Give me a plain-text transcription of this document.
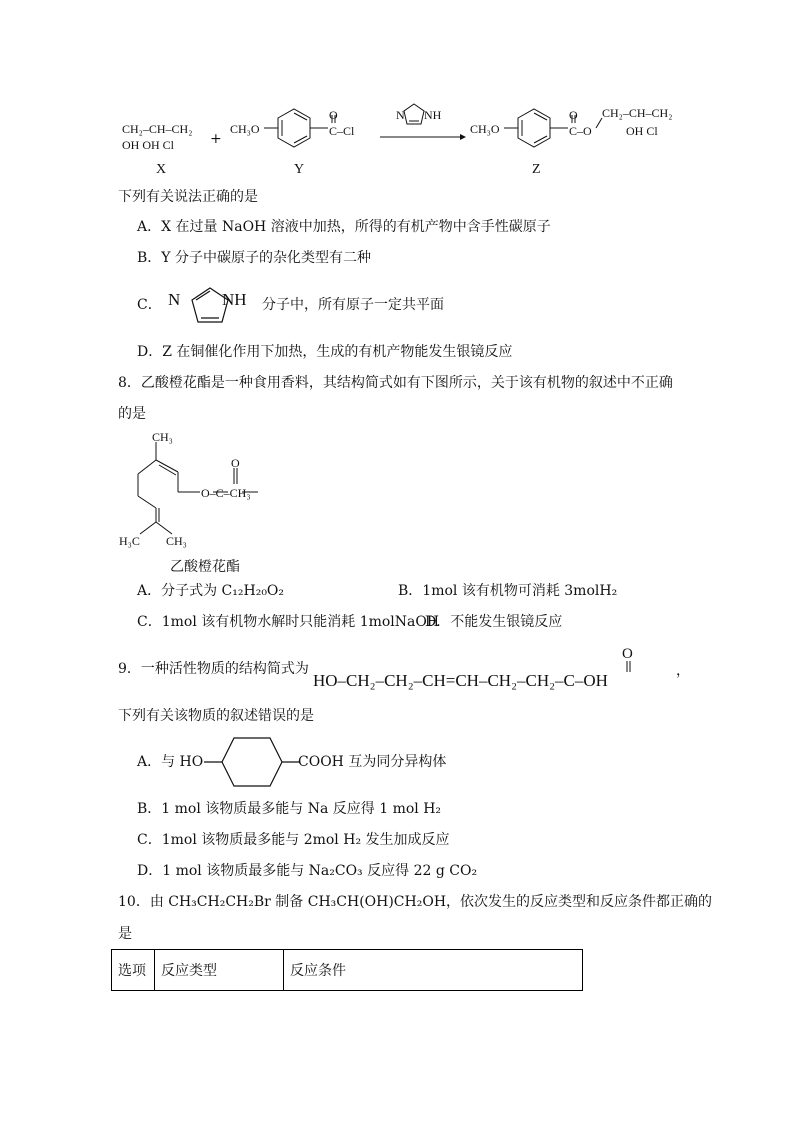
CH₂–CH–CH₂
OH OH Cl
X
+
CH₃O
O
C–Cl
Y
N NH
CH₃O
O
C–O
CH₂–CH–CH₂
OH Cl
Z
下列有关说法正确的是
A．X 在过量 NaOH 溶液中加热，所得的有机产物中含手性碳原子
B．Y 分子中碳原子的杂化类型有二种
C． N NH 分子中，所有原子一定共平面
D．Z 在铜催化作用下加热，生成的有机产物能发生银镜反应
8．乙酸橙花酯是一种食用香料，其结构简式如有下图所示，关于该有机物的叙述中不正确
的是
CH₃
O
O–C–CH₃
H₃C CH₃
乙酸橙花酯
A．分子式为 C₁₂H₂₀O₂	B．1mol 该有机物可消耗 3molH₂
C．1mol 该有机物水解时只能消耗 1molNaOH
D．不能发生银镜反应
9．一种活性物质的结构简式为
O
HO–CH₂–CH₂–CH=CH–CH₂–CH₂–C–OH	，
下列有关该物质的叙述错误的是
A．与 HO	COOH 互为同分异构体
B．1 mol 该物质最多能与 Na 反应得 1 mol H₂
C．1mol 该物质最多能与 2mol H₂ 发生加成反应
D．1 mol 该物质最多能与 Na₂CO₃ 反应得 22 g CO₂
10．由 CH₃CH₂CH₂Br 制备 CH₃CH(OH)CH₂OH，依次发生的反应类型和反应条件都正确的
是
选项	反应类型	反应条件
